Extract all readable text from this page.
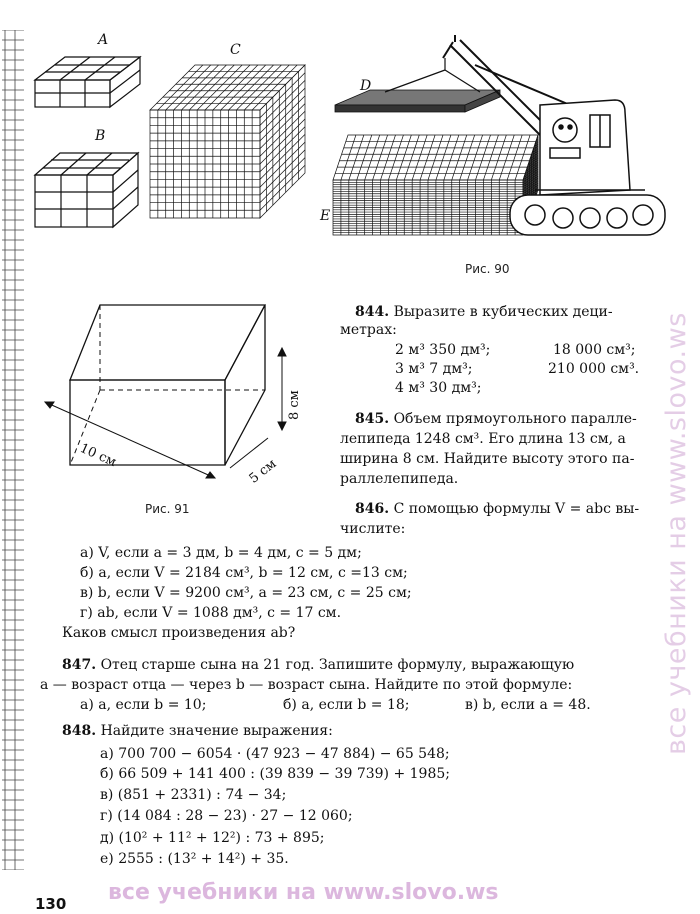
A
B
C
D
E
Рис. 90
10 см
5 см
8 см
Рис. 91
844. Выразите в кубических деци-
метрах:
2 м³ 350 дм³;	18 000 см³;
3 м³ 7 дм³;	210 000 см³.
4 м³ 30 дм³;
845. Объем прямоугольного паралле-
лепипеда 1248 см³. Его длина 13 см, а
ширина 8 см. Найдите высоту этого па-
раллелепипеда.
846. С помощью формулы V = abc вы-
числите:
а) V, если a = 3 дм, b = 4 дм, c = 5 дм;
б) a, если V = 2184 см³, b = 12 см, c =13 см;
в) b, если V = 9200 см³, a = 23 см, c = 25 см;
г) ab, если V = 1088 дм³, c = 17 см.
Каков смысл произведения ab?
847. Отец старше сына на 21 год. Запишите формулу, выражающую
a — возраст отца — через b — возраст сына. Найдите по этой формуле:
а) a, если b = 10;	б) a, если b = 18;	в) b, если a = 48.
848. Найдите значение выражения:
а) 700 700 − 6054 · (47 923 − 47 884) − 65 548;
б) 66 509 + 141 400 : (39 839 − 39 739) + 1985;
в) (851 + 2331) : 74 − 34;
г) (14 084 : 28 − 23) · 27 − 12 060;
д) (10² + 11² + 12²) : 73 + 895;
е) 2555 : (13² + 14²) + 35.
все учебники на www.slovo.ws
все учебники на www.slovo.ws
130
